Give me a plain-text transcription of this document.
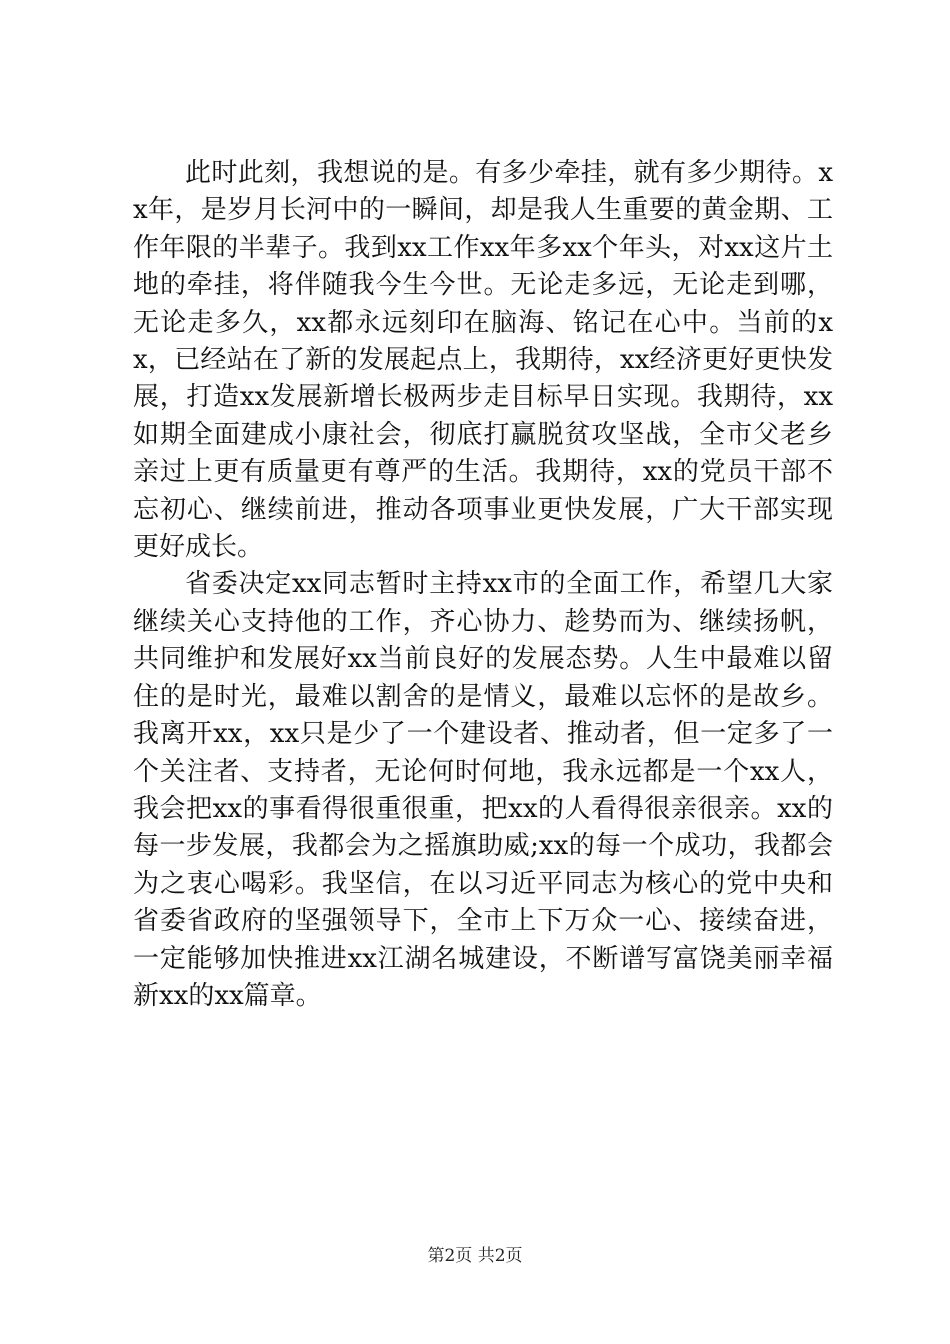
此时此刻，我想说的是。有多少牵挂，就有多少期待。xx年，是岁月长河中的一瞬间，却是我人生重要的黄金期、工作年限的半辈子。我到xx工作xx年多xx个年头，对xx这片土地的牵挂，将伴随我今生今世。无论走多远，无论走到哪，无论走多久，xx都永远刻印在脑海、铭记在心中。当前的xx，已经站在了新的发展起点上，我期待，xx经济更好更快发展，打造xx发展新增长极两步走目标早日实现。我期待，xx如期全面建成小康社会，彻底打赢脱贫攻坚战，全市父老乡亲过上更有质量更有尊严的生活。我期待，xx的党员干部不忘初心、继续前进，推动各项事业更快发展，广大干部实现更好成长。

省委决定xx同志暂时主持xx市的全面工作，希望几大家继续关心支持他的工作，齐心协力、趁势而为、继续扬帆，共同维护和发展好xx当前良好的发展态势。人生中最难以留住的是时光，最难以割舍的是情义，最难以忘怀的是故乡。我离开xx，xx只是少了一个建设者、推动者，但一定多了一个关注者、支持者，无论何时何地，我永远都是一个xx人，我会把xx的事看得很重很重，把xx的人看得很亲很亲。xx的每一步发展，我都会为之摇旗助威;xx的每一个成功，我都会为之衷心喝彩。我坚信，在以习近平同志为核心的党中央和省委省政府的坚强领导下，全市上下万众一心、接续奋进，一定能够加快推进xx江湖名城建设，不断谱写富饶美丽幸福新xx的xx篇章。

第2页 共2页
